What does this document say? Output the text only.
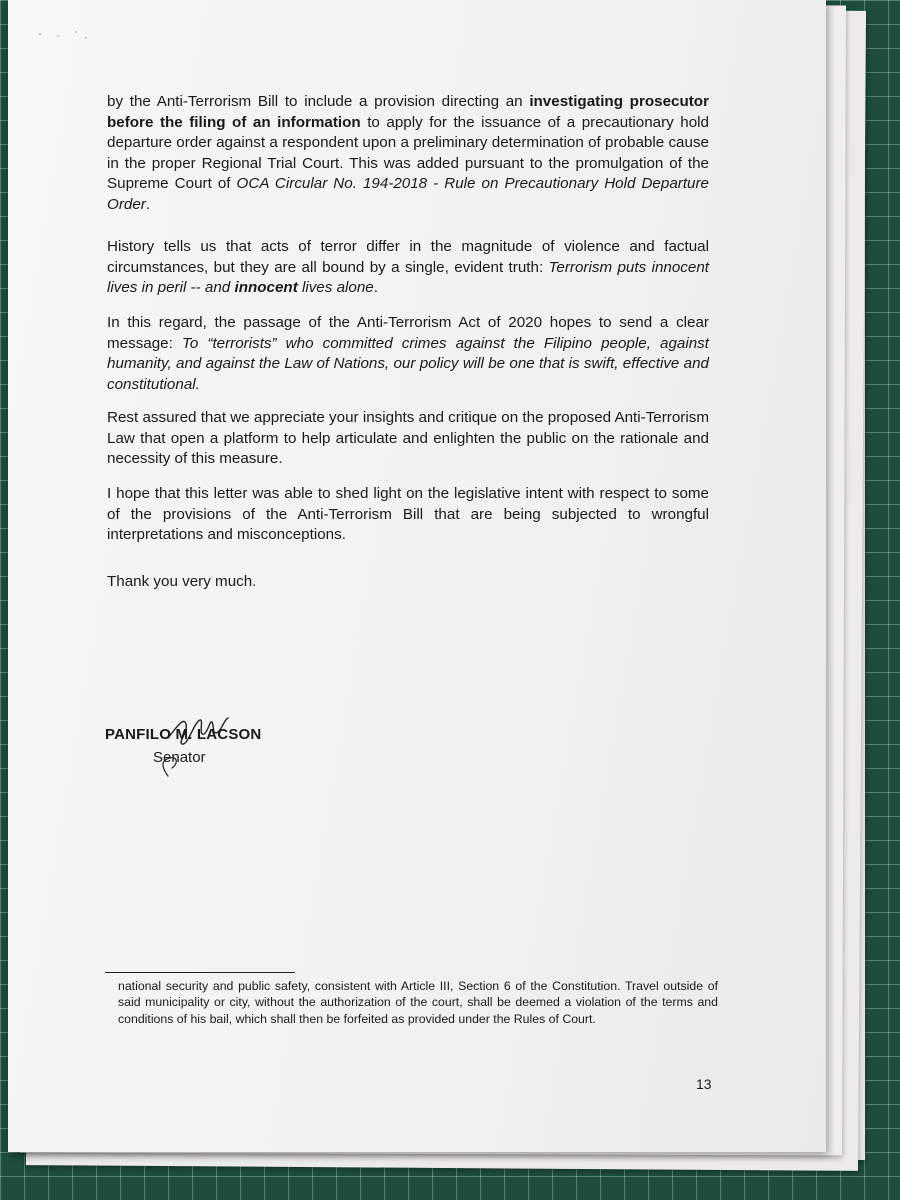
by the Anti-Terrorism Bill to include a provision directing an investigating prosecutor before the filing of an information to apply for the issuance of a precautionary hold departure order against a respondent upon a preliminary determination of probable cause in the proper Regional Trial Court. This was added pursuant to the promulgation of the Supreme Court of OCA Circular No. 194-2018 - Rule on Precautionary Hold Departure Order.

History tells us that acts of terror differ in the magnitude of violence and factual circumstances, but they are all bound by a single, evident truth: Terrorism puts innocent lives in peril -- and innocent lives alone.

In this regard, the passage of the Anti-Terrorism Act of 2020 hopes to send a clear message: To “terrorists” who committed crimes against the Filipino people, against humanity, and against the Law of Nations, our policy will be one that is swift, effective and constitutional.

Rest assured that we appreciate your insights and critique on the proposed Anti-Terrorism Law that open a platform to help articulate and enlighten the public on the rationale and necessity of this measure.

I hope that this letter was able to shed light on the legislative intent with respect to some of the provisions of the Anti-Terrorism Bill that are being subjected to wrongful interpretations and misconceptions.

Thank you very much.

PANFILO M. LACSON
Senator

national security and public safety, consistent with Article III, Section 6 of the Constitution. Travel outside of said municipality or city, without the authorization of the court, shall be deemed a violation of the terms and conditions of his bail, which shall then be forfeited as provided under the Rules of Court.

13
